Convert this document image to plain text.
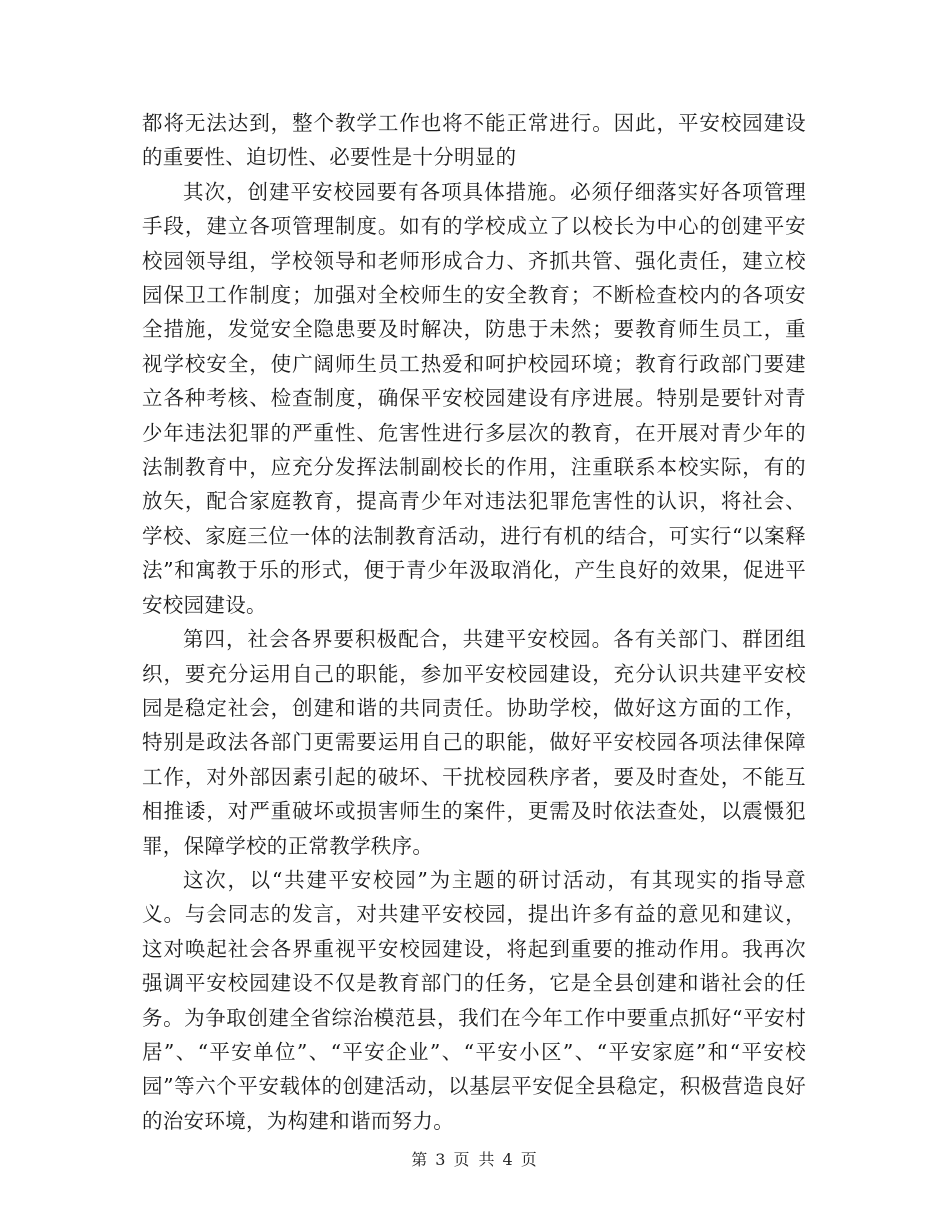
都将无法达到，整个教学工作也将不能正常进行。因此，平安校园建设的重要性、迫切性、必要性是十分明显的

其次，创建平安校园要有各项具体措施。必须仔细落实好各项管理手段，建立各项管理制度。如有的学校成立了以校长为中心的创建平安校园领导组，学校领导和老师形成合力、齐抓共管、强化责任，建立校园保卫工作制度；加强对全校师生的安全教育；不断检查校内的各项安全措施，发觉安全隐患要及时解决，防患于未然；要教育师生员工，重视学校安全，使广阔师生员工热爱和呵护校园环境；教育行政部门要建立各种考核、检查制度，确保平安校园建设有序进展。特别是要针对青少年违法犯罪的严重性、危害性进行多层次的教育，在开展对青少年的法制教育中，应充分发挥法制副校长的作用，注重联系本校实际，有的放矢，配合家庭教育，提高青少年对违法犯罪危害性的认识，将社会、学校、家庭三位一体的法制教育活动，进行有机的结合，可实行“以案释法”和寓教于乐的形式，便于青少年汲取消化，产生良好的效果，促进平安校园建设。

第四，社会各界要积极配合，共建平安校园。各有关部门、群团组织，要充分运用自己的职能，参加平安校园建设，充分认识共建平安校园是稳定社会，创建和谐的共同责任。协助学校，做好这方面的工作，特别是政法各部门更需要运用自己的职能，做好平安校园各项法律保障工作，对外部因素引起的破坏、干扰校园秩序者，要及时查处，不能互相推诿，对严重破坏或损害师生的案件，更需及时依法查处，以震慑犯罪，保障学校的正常教学秩序。

这次，以“共建平安校园”为主题的研讨活动，有其现实的指导意义。与会同志的发言，对共建平安校园，提出许多有益的意见和建议，这对唤起社会各界重视平安校园建设，将起到重要的推动作用。我再次强调平安校园建设不仅是教育部门的任务，它是全县创建和谐社会的任务。为争取创建全省综治模范县，我们在今年工作中要重点抓好“平安村居”、“平安单位”、“平安企业”、“平安小区”、“平安家庭”和“平安校园”等六个平安载体的创建活动，以基层平安促全县稳定，积极营造良好的治安环境，为构建和谐而努力。

第 3 页 共 4 页
